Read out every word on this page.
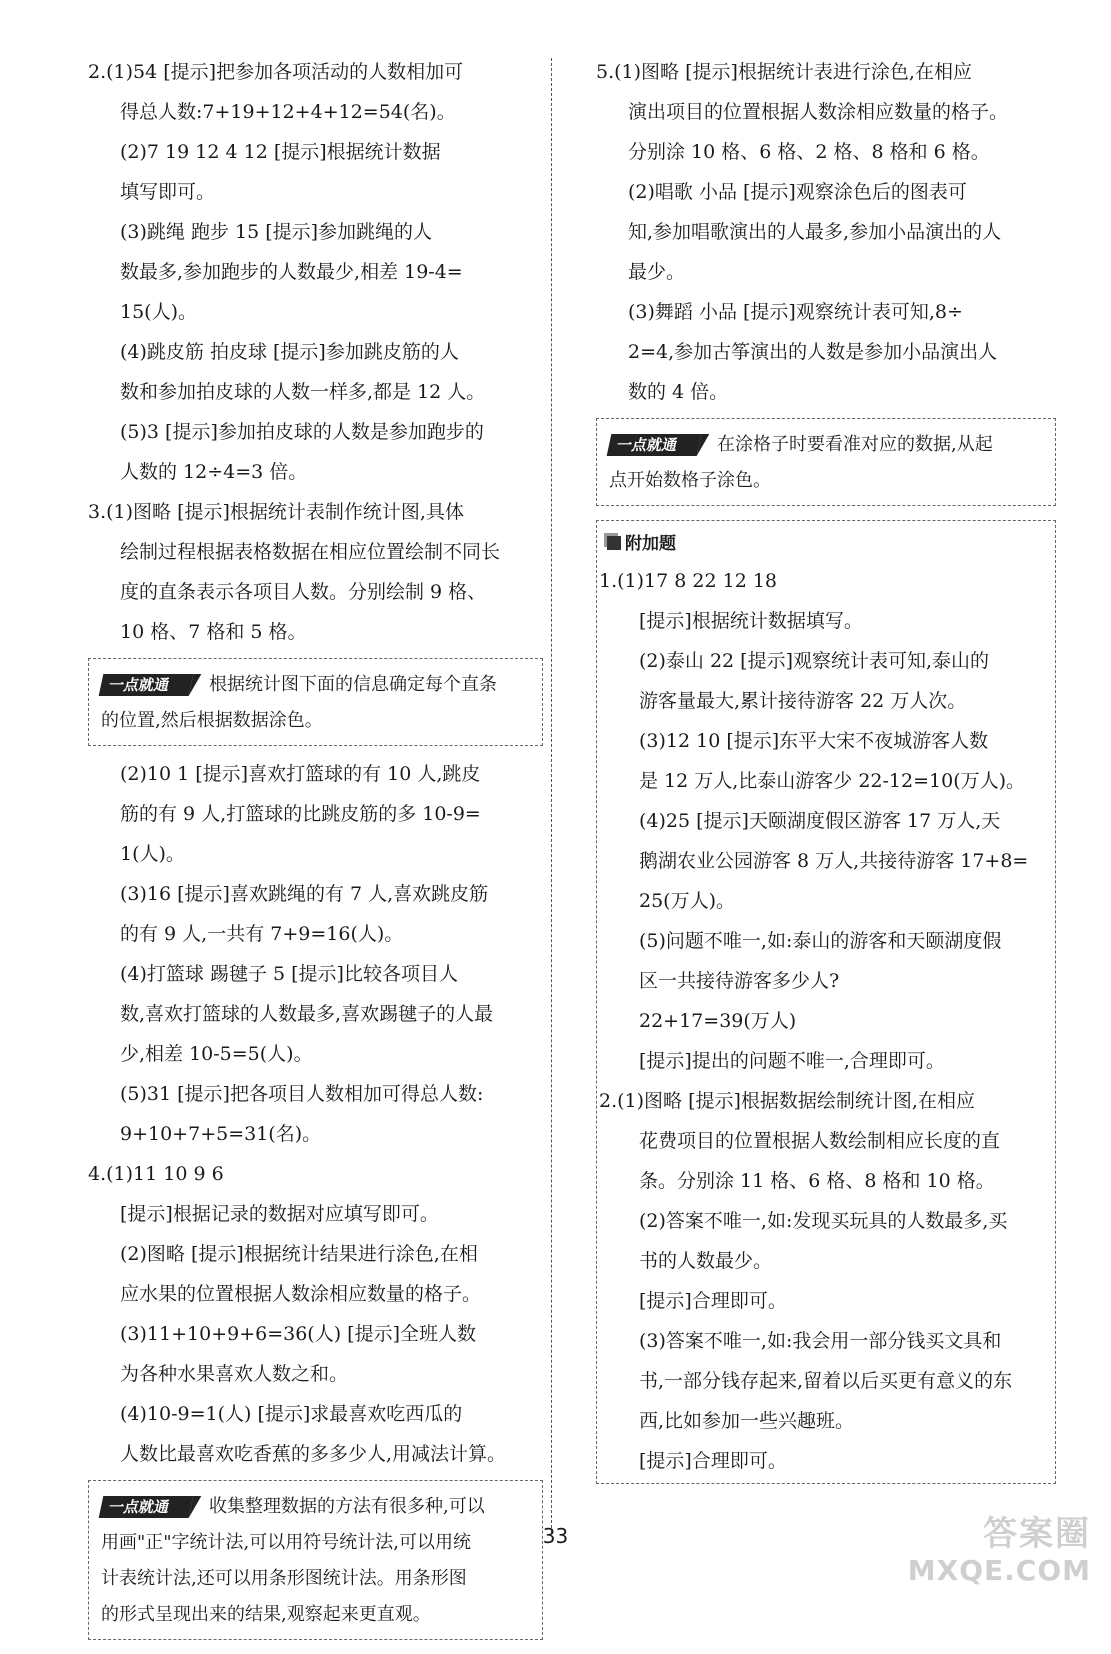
2.(1)54 [提示]把参加各项活动的人数相加可

得总人数:7+19+12+4+12=54(名)。

(2)7 19 12 4 12 [提示]根据统计数据

填写即可。

(3)跳绳 跑步 15 [提示]参加跳绳的人

数最多,参加跑步的人数最少,相差 19-4=

15(人)。

(4)跳皮筋 拍皮球 [提示]参加跳皮筋的人

数和参加拍皮球的人数一样多,都是 12 人。

(5)3 [提示]参加拍皮球的人数是参加跑步的

人数的 12÷4=3 倍。

3.(1)图略 [提示]根据统计表制作统计图,具体

绘制过程根据表格数据在相应位置绘制不同长

度的直条表示各项目人数。分别绘制 9 格、

10 格、7 格和 5 格。

一点就通 根据统计图下面的信息确定每个直条

的位置,然后根据数据涂色。

(2)10 1 [提示]喜欢打篮球的有 10 人,跳皮

筋的有 9 人,打篮球的比跳皮筋的多 10-9=

1(人)。

(3)16 [提示]喜欢跳绳的有 7 人,喜欢跳皮筋

的有 9 人,一共有 7+9=16(人)。

(4)打篮球 踢毽子 5 [提示]比较各项目人

数,喜欢打篮球的人数最多,喜欢踢毽子的人最

少,相差 10-5=5(人)。

(5)31 [提示]把各项目人数相加可得总人数:

9+10+7+5=31(名)。

4.(1)11 10 9 6

[提示]根据记录的数据对应填写即可。

(2)图略 [提示]根据统计结果进行涂色,在相

应水果的位置根据人数涂相应数量的格子。

(3)11+10+9+6=36(人) [提示]全班人数

为各种水果喜欢人数之和。

(4)10-9=1(人) [提示]求最喜欢吃西瓜的

人数比最喜欢吃香蕉的多多少人,用减法计算。

一点就通 收集整理数据的方法有很多种,可以

用画"正"字统计法,可以用符号统计法,可以用统

计表统计法,还可以用条形图统计法。用条形图

的形式呈现出来的结果,观察起来更直观。

5.(1)图略 [提示]根据统计表进行涂色,在相应

演出项目的位置根据人数涂相应数量的格子。

分别涂 10 格、6 格、2 格、8 格和 6 格。

(2)唱歌 小品 [提示]观察涂色后的图表可

知,参加唱歌演出的人最多,参加小品演出的人

最少。

(3)舞蹈 小品 [提示]观察统计表可知,8÷

2=4,参加古筝演出的人数是参加小品演出人

数的 4 倍。

一点就通 在涂格子时要看准对应的数据,从起

点开始数格子涂色。

附加题

1.(1)17 8 22 12 18

[提示]根据统计数据填写。

(2)泰山 22 [提示]观察统计表可知,泰山的

游客量最大,累计接待游客 22 万人次。

(3)12 10 [提示]东平大宋不夜城游客人数

是 12 万人,比泰山游客少 22-12=10(万人)。

(4)25 [提示]天颐湖度假区游客 17 万人,天

鹅湖农业公园游客 8 万人,共接待游客 17+8=

25(万人)。

(5)问题不唯一,如:泰山的游客和天颐湖度假

区一共接待游客多少人?

22+17=39(万人)

[提示]提出的问题不唯一,合理即可。

2.(1)图略 [提示]根据数据绘制统计图,在相应

花费项目的位置根据人数绘制相应长度的直

条。分别涂 11 格、6 格、8 格和 10 格。

(2)答案不唯一,如:发现买玩具的人数最多,买

书的人数最少。

[提示]合理即可。

(3)答案不唯一,如:我会用一部分钱买文具和

书,一部分钱存起来,留着以后买更有意义的东

西,比如参加一些兴趣班。

[提示]合理即可。

33	答案圈
MXQE.COM
